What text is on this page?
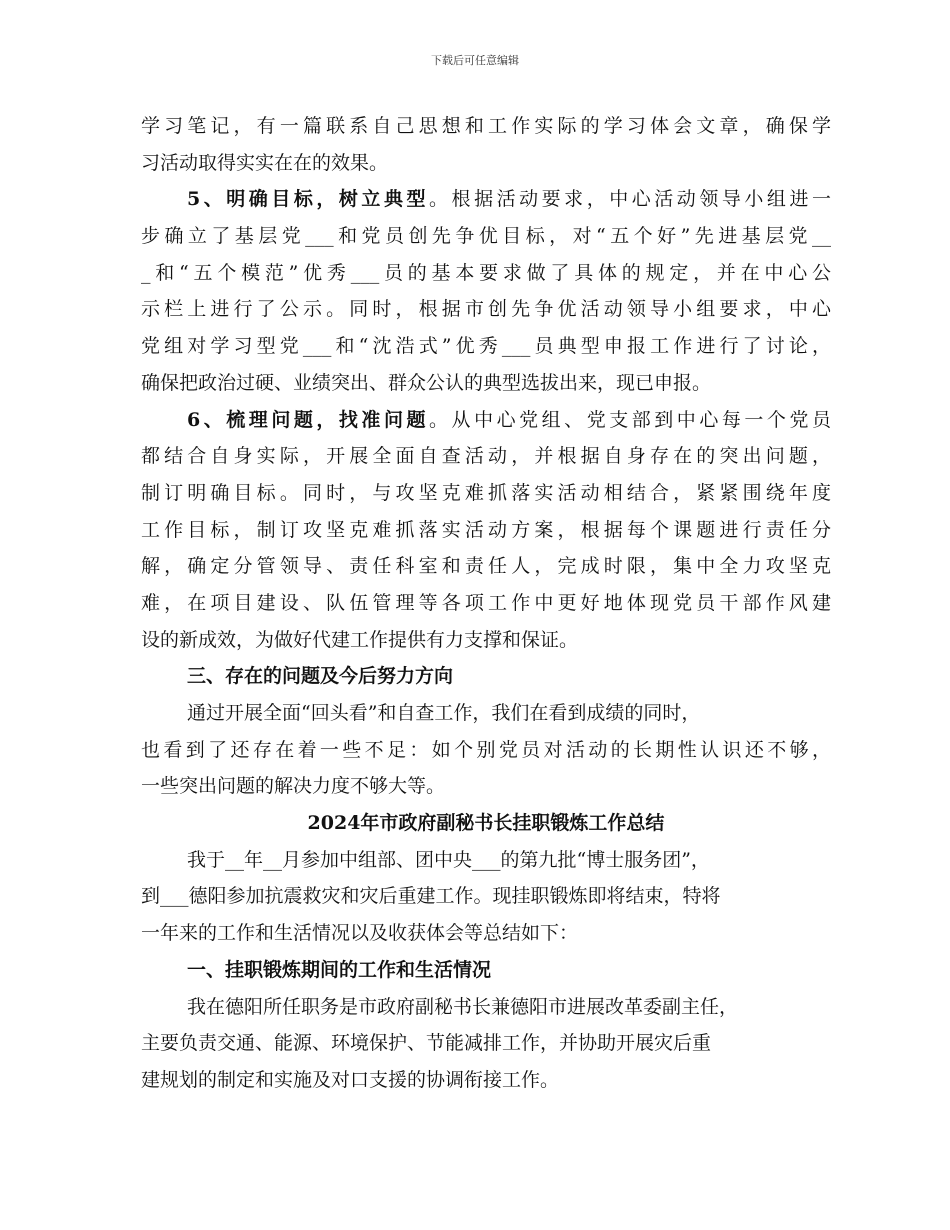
下载后可任意编辑
学习笔记，有一篇联系自己思想和工作实际的学习体会文章，确保学
习活动取得实实在在的效果。
5、明确目标，树立典型。根据活动要求，中心活动领导小组进一
步确立了基层党___和党员创先争优目标，对“五个好”先进基层党__
_和“五个模范”优秀___员的基本要求做了具体的规定，并在中心公
示栏上进行了公示。同时，根据市创先争优活动领导小组要求，中心
党组对学习型党___和“沈浩式”优秀___员典型申报工作进行了讨论，
确保把政治过硬、业绩突出、群众公认的典型选拔出来，现已申报。
6、梳理问题，找准问题。从中心党组、党支部到中心每一个党员
都结合自身实际，开展全面自查活动，并根据自身存在的突出问题，
制订明确目标。同时，与攻坚克难抓落实活动相结合，紧紧围绕年度
工作目标，制订攻坚克难抓落实活动方案，根据每个课题进行责任分
解，确定分管领导、责任科室和责任人，完成时限，集中全力攻坚克
难，在项目建设、队伍管理等各项工作中更好地体现党员干部作风建
设的新成效，为做好代建工作提供有力支撑和保证。
三、存在的问题及今后努力方向
通过开展全面“回头看”和自查工作，我们在看到成绩的同时，
也看到了还存在着一些不足：如个别党员对活动的长期性认识还不够，
一些突出问题的解决力度不够大等。
2024年市政府副秘书长挂职锻炼工作总结
我于__年__月参加中组部、团中央___的第九批“博士服务团”，
到___德阳参加抗震救灾和灾后重建工作。现挂职锻炼即将结束，特将
一年来的工作和生活情况以及收获体会等总结如下：
一、挂职锻炼期间的工作和生活情况
我在德阳所任职务是市政府副秘书长兼德阳市进展改革委副主任，
主要负责交通、能源、环境保护、节能减排工作，并协助开展灾后重
建规划的制定和实施及对口支援的协调衔接工作。
